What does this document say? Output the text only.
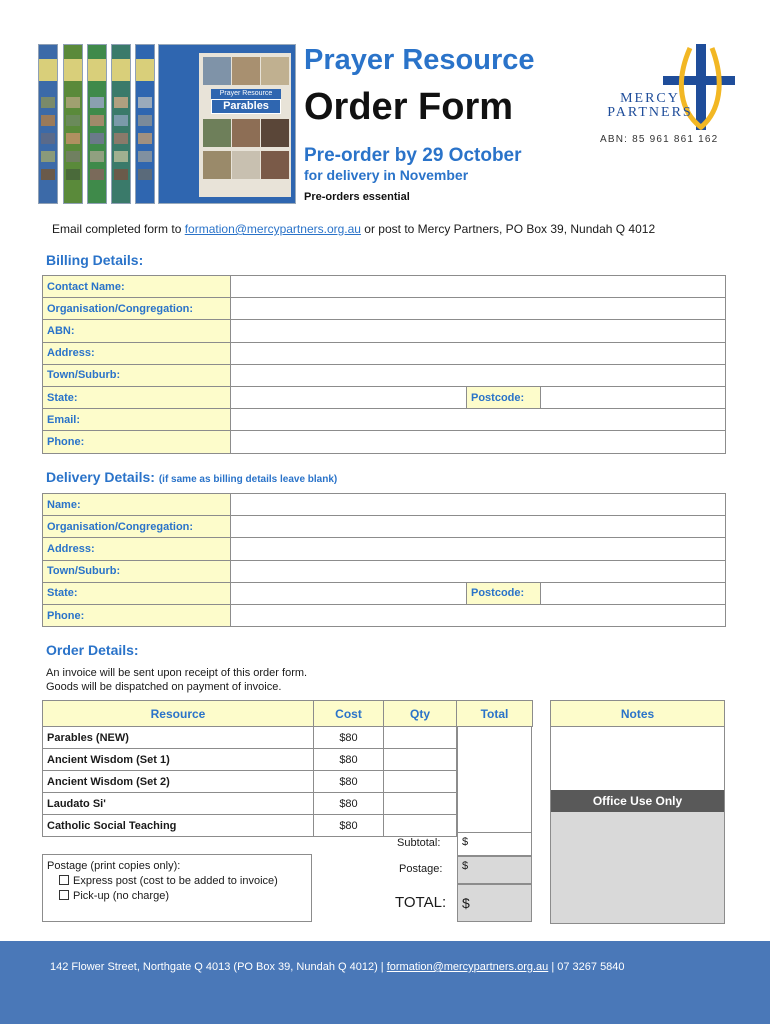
Prayer Resource
Parables
Prayer Resource
Order Form
Pre-order by 29 October
for delivery in November
Pre-orders essential
MERCY
PARTNERS
ABN: 85 961 861 162
Email completed form to formation@mercypartners.org.au or post to Mercy Partners, PO Box 39, Nundah Q 4012
Billing Details:
Contact Name:			
Organisation/Congregation:			
ABN:			
Address:			
Town/Suburb:			
State:		Postcode:	
Email:			
Phone:			
Delivery Details: (if same as billing details leave blank)
Name:			
Organisation/Congregation:			
Address:			
Town/Suburb:			
State:		Postcode:	
Phone:			
Order Details:
An invoice will be sent upon receipt of this order form.
Goods will be dispatched on payment of invoice.
Resource	Cost	Qty	Total
Parables (NEW)	$80		
Ancient Wisdom (Set 1)	$80		
Ancient Wisdom (Set 2)	$80		
Laudato Si'	$80		
Catholic Social Teaching	$80		
Subtotal:	$
Postage:	$
TOTAL:	$
Postage (print copies only):
Express post (cost to be added to invoice)
Pick-up (no charge)
Notes
Office Use Only
142 Flower Street, Northgate Q 4013 (PO Box 39, Nundah Q 4012) | formation@mercypartners.org.au | 07 3267 5840
